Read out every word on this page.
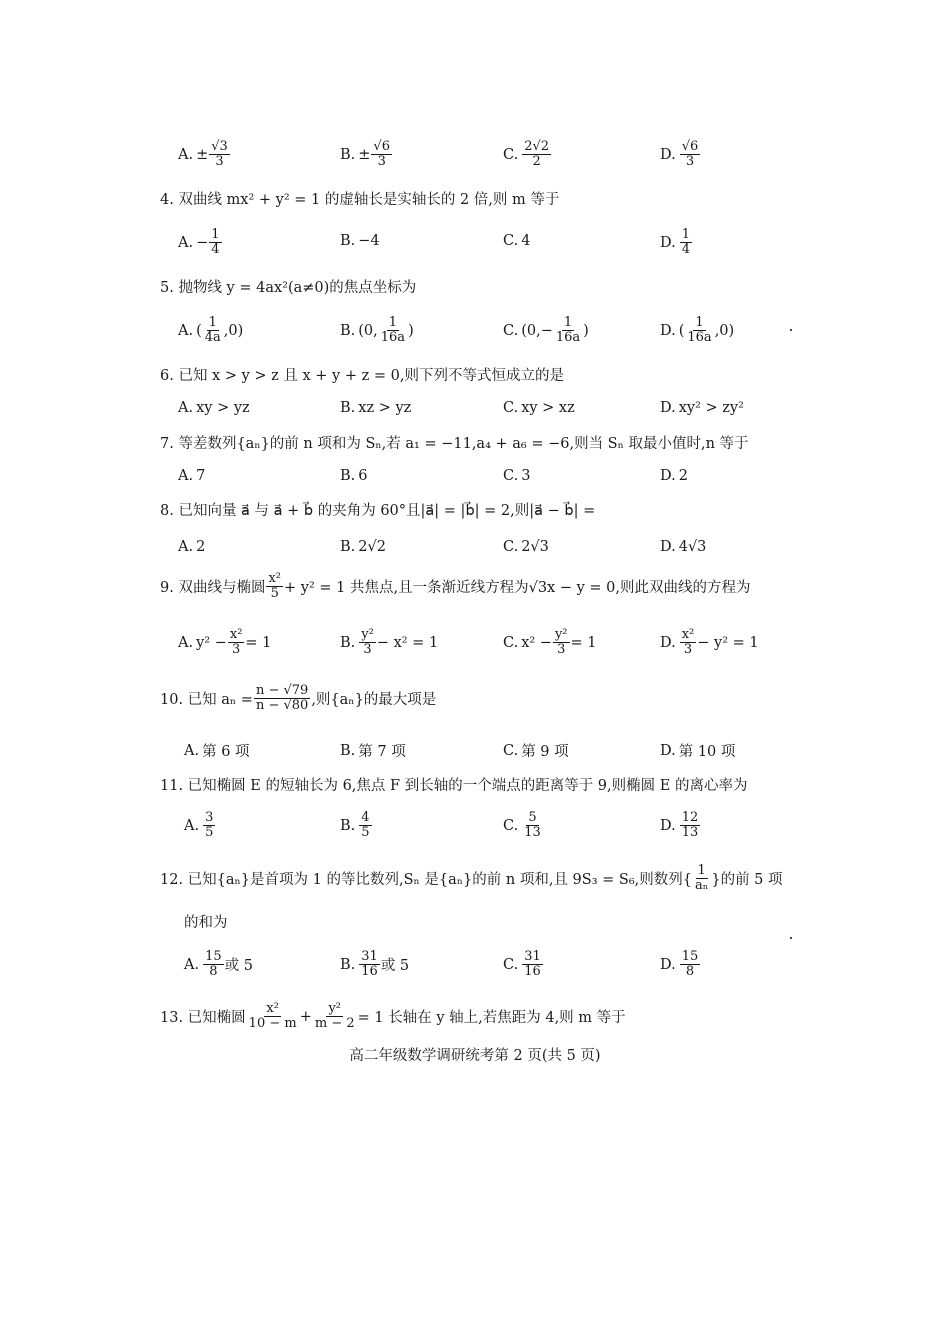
A. ± $\frac{√3}{3}$	B. ± $\frac{√6}{3}$	C. $\frac{2√2}{2}$	D. $\frac{√6}{3}$
4. 双曲线 mx² + y² = 1 的虚轴长是实轴长的 2 倍,则 m 等于
A. − $\frac{1}{4}$	B. −4	C. 4	D. $\frac{1}{4}$
5. 抛物线 y = 4ax²(a≠0)的焦点坐标为
A. ( $\frac{1}{4a} ,0$)	B. (0, $\frac{1}{16a}$ )	C. (0, − $\frac{1}{16a}$ )	D. ( $\frac{1}{16a} ,0$)
6. 已知 x > y > z 且 x + y + z = 0,则下列不等式恒成立的是
A. xy > yz	B. xz > yz	C. xy > xz	D. xy² > zy²
7. 等差数列{aₙ}的前 n 项和为 Sₙ,若 a₁ = −11,a₄ + a₆ = −6,则当 Sₙ 取最小值时,n 等于
A. 7	B. 6	C. 3	D. 2
8. 已知向量 a⃗ 与 a⃗ + b⃗ 的夹角为 60°且|a⃗| = |b⃗| = 2,则|a⃗ − b⃗| =
A. 2	B. 2√2	C. 2√3	D. 4√3
9. 双曲线与椭圆 $\frac{\text{x²}}{5} + y^2 = 1$ 共焦点,且一条渐近线方程为√3x − y = 0,则此双曲线的方程为
A. $y^2 - \frac{\text{x²}}{3} = 1$	B. $\frac{\text{y²}}{3} - x^2 = 1$	C. $x^2 - \frac{\text{y²}}{3} = 1$	D. $\frac{\text{x²}}{3} - y^2 = 1$
10. 已知 $a_n = \frac{n - √79}{n - √80}$ ,则{aₙ}的最大项是
A. 第 6 项	B. 第 7 项	C. 第 9 项	D. 第 10 项
11. 已知椭圆 E 的短轴长为 6,焦点 F 到长轴的一个端点的距离等于 9,则椭圆 E 的离心率为
A. $\frac{3}{5}$	B. $\frac{4}{5}$	C. $\frac{5}{13}$	D. $\frac{12}{13}$
12. 已知{aₙ}是首项为 1 的等比数列,Sₙ 是{aₙ}的前 n 项和,且 9S₃ = S₆,则数列{ $\frac{1}{\text{aₙ}}$ }的前 5 项
的和为
A. $\frac{15}{8}$ 或 5	B. $\frac{31}{16}$ 或 5	C. $\frac{31}{16}$	D. $\frac{15}{8}$
13. 已知椭圆 $\frac{\text{x²}}{10 - m} + \frac{\text{y²}}{m - 2} = 1$ 长轴在 y 轴上,若焦距为 4,则 m 等于
高二年级数学调研统考第 2 页(共 5 页)
